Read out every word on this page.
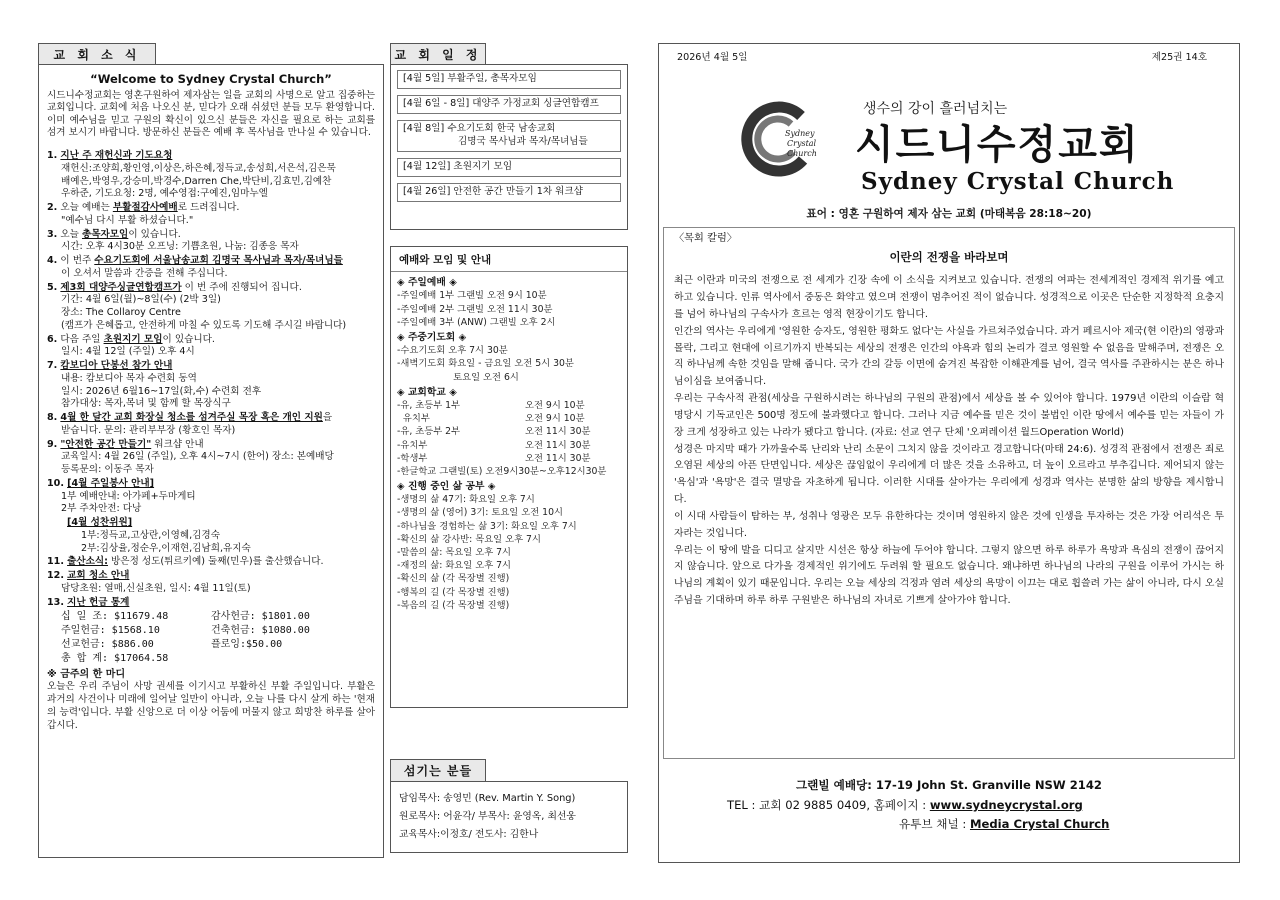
교 회 소 식
“Welcome to Sydney Crystal Church”
시드니수정교회는 영혼구원하여 제자삼는 일을 교회의 사명으로 알고 집중하는 교회입니다. 교회에 처음 나오신 분, 믿다가 오래 쉬셨던 분들 모두 환영합니다. 이미 예수님을 믿고 구원의 확신이 있으신 분들은 자신을 필요로 하는 교회를 섬겨 보시기 바랍니다. 방문하신 분들은 예배 후 목사님을 만나실 수 있습니다.
1. 지난 주 재헌신과 기도요청
재헌신:조양희,황인영,이상은,하은혜,정득교,송성희,서은석,김은묵
배예은,박영우,강승미,박경수,Darren Che,박단비,김효민,김예찬
우하준, 기도요청: 2명, 예수영접:구예진,임마누엘
2. 오늘 예배는 부활절감사예배로 드려집니다.
"예수님 다시 부활 하셨습니다."
3. 오늘 총목자모임이 있습니다.
시간: 오후 4시30분 오프닝: 기쁨초원, 나눔: 김종응 목자
4. 이 번주 수요기도회에 서울남송교회 김명국 목사님과 목자/목녀님들
이 오셔서 말씀과 간증을 전해 주십니다.
5. 제3회 대양주싱글연합캠프가 이 번 주에 진행되어 집니다.
기간: 4월 6일(월)~8일(수) (2박 3일)
장소: The Collaroy Centre
(캠프가 은혜롭고, 안전하게 마칠 수 있도록 기도해 주시길 바랍니다)
6. 다음 주일 초원지기 모임이 있습니다.
일시: 4월 12일 (주일) 오후 4시
7. 캄보디아 단봉선 참가 안내
내용: 캄보디아 목자 수련회 동역
일시: 2026년 6월16~17일(화,수) 수련회 전후
참가대상: 목자,목녀 및 함께 할 목장식구
8. 4월 한 달간 교회 화장실 청소를 섬겨주실 목장 혹은 개인 지원을
받습니다. 문의: 관리부부장 (황호인 목자)
9. "안전한 공간 만들기" 워크샵 안내
교육일시: 4월 26일 (주일), 오후 4시~7시 (한어) 장소: 본예배당
등록문의: 이동주 목자
10. [4월 주일봉사 안내]
1부 예배안내: 아가페+두마게티
2부 주차안전: 다낭
[4월 성찬위원]
1부:정득교,고상란,이영혜,김경숙
2부:김상율,정순우,이재현,김남희,유지숙
11. 출산소식: 방은정 성도(튀르키예) 둘째(민우)를 출산했습니다.
12. 교회 청소 안내
담당초원: 열매,신실초원, 일시: 4월 11일(토)
13. 지난 헌금 통계
십 일 조: $11679.48	감사헌금: $1801.00
주일헌금: $1568.10	건축헌금: $1080.00
선교헌금: $886.00	플로잉:$50.00
총 합 계: $17064.58
※ 금주의 한 마디
오늘은 우리 주님이 사망 권세를 이기시고 부활하신 부활 주일입니다. 부활은 과거의 사건이나 미래에 일어날 일만이 아니라, 오늘 나를 다시 살게 하는 '현재의 능력'입니다. 부활 신앙으로 더 이상 어둠에 머물지 않고 희망찬 하루를 살아갑시다.
교 회 일 정
[4월 5일] 부활주일, 총목자모임
[4월 6일 - 8일] 대양주 가정교회 싱글연합캠프
[4월 8일] 수요기도회 한국 남송교회
김명국 목사님과 목자/목녀님들
[4월 12일] 초원지기 모임
[4월 26일] 안전한 공간 만들기 1차 워크샵
예배와 모임 및 안내
◈ 주일예배 ◈
-주일예배 1부 그랜빌 오전 9시 10분
-주일예배 2부 그랜빌 오전 11시 30분
-주일예배 3부 (ANW) 그랜빌 오후 2시
◈ 주중기도회 ◈
-수요기도회 오후 7시 30분
-새벽기도회 화요일 - 금요일 오전 5시 30분
토요일 오전 6시
◈ 교회학교 ◈
-유, 초등부 1부	오전 9시 10분
유치부	오전 9시 10분
-유, 초등부 2부	오전 11시 30분
-유치부	오전 11시 30분
-학생부	오전 11시 30분
-한글학교 그랜빌(토) 오전9시30분~오후12시30분
◈ 진행 중인 삶 공부 ◈
-생명의 삶 47기: 화요일 오후 7시
-생명의 삶 (영어) 3기: 토요일 오전 10시
-하나님을 경험하는 삶 3기: 화요일 오후 7시
-확신의 삶 강사반: 목요일 오후 7시
-말씀의 삶: 목요일 오후 7시
-재정의 삶: 화요일 오후 7시
-확신의 삶 (각 목장별 진행)
-행복의 길 (각 목장별 진행)
-복음의 길 (각 목장별 진행)
섬기는 분들
담임목사: 송영민 (Rev. Martin Y. Song)
원로목사: 어윤각/ 부목사: 윤영옥, 최선웅
교육목사:이정호/ 전도사: 김한나
2026년 4월 5일	제25권 14호
Sydney
Crystal
Church
생수의 강이 흘러넘치는
시드니수정교회
Sydney Crystal Church
표어 : 영혼 구원하여 제자 삼는 교회 (마태복음 28:18~20)
〈목회 칼럼〉
이란의 전쟁을 바라보며

최근 이란과 미국의 전쟁으로 전 세계가 긴장 속에 이 소식을 지켜보고 있습니다. 전쟁의 여파는 전세계적인 경제적 위기를 예고 하고 있습니다. 인류 역사에서 중동은 화약고 였으며 전쟁이 멈추어진 적이 없습니다. 성경적으로 이곳은 단순한 지정학적 요충지를 넘어 하나님의 구속사가 흐르는 영적 현장이기도 합니다.

인간의 역사는 우리에게 '영원한 승자도, 영원한 평화도 없다'는 사실을 가르쳐주었습니다. 과거 페르시아 제국(현 이란)의 영광과 몰락, 그리고 현대에 이르기까지 반복되는 세상의 전쟁은 인간의 야욕과 힘의 논리가 결코 영원할 수 없음을 말해주며, 전쟁은 오직 하나님께 속한 것임을 말해 줍니다. 국가 간의 갈등 이면에 숨겨진 복잡한 이해관계를 넘어, 결국 역사를 주관하시는 분은 하나님이심을 보여줍니다.

우리는 구속사적 관점(세상을 구원하시려는 하나님의 구원의 관점)에서 세상을 볼 수 있어야 합니다. 1979년 이란의 이슬람 혁명당시 기독교인은 500명 정도에 불과했다고 합니다. 그러나 지금 예수를 믿은 것이 불법인 이란 땅에서 예수를 믿는 자들이 가장 크게 성장하고 있는 나라가 됐다고 합니다. (자료: 선교 연구 단체 '오퍼레이션 월드Operation World)

성경은 마지막 때가 가까울수록 난리와 난리 소문이 그치지 않을 것이라고 경고합니다(마태 24:6). 성경적 관점에서 전쟁은 죄로 오염된 세상의 아픈 단면입니다. 세상은 끊임없이 우리에게 더 많은 것을 소유하고, 더 높이 오르라고 부추깁니다. 제어되지 않는 '욕심'과 '욕망'은 결국 멸망을 자초하게 됩니다. 이러한 시대를 살아가는 우리에게 성경과 역사는 분명한 삶의 방향을 제시합니다.

이 시대 사람들이 탐하는 부, 성취나 영광은 모두 유한하다는 것이며 영원하지 않은 것에 인생을 투자하는 것은 가장 어리석은 투자라는 것입니다.

우리는 이 땅에 발을 디디고 살지만 시선은 항상 하늘에 두어야 합니다. 그렇지 않으면 하루 하루가 욕망과 욕심의 전쟁이 끊어지지 않습니다. 앞으로 다가올 경제적인 위기에도 두려워 할 필요도 없습니다. 왜냐하면 하나님의 나라의 구원을 이루어 가시는 하나님의 계획이 있기 때문입니다. 우리는 오늘 세상의 걱정과 염려 세상의 욕망이 이끄는 대로 휩쓸려 가는 삶이 아니라, 다시 오실 주님을 기대하며 하루 하루 구원받은 하나님의 자녀로 기쁘게 살아가야 합니다.

그랜빌 예배당: 17-19 John St. Granville NSW 2142
TEL : 교회 02 9885 0409, 홈페이지 : www.sydneycrystal.org
유투브 채널 : Media Crystal Church
